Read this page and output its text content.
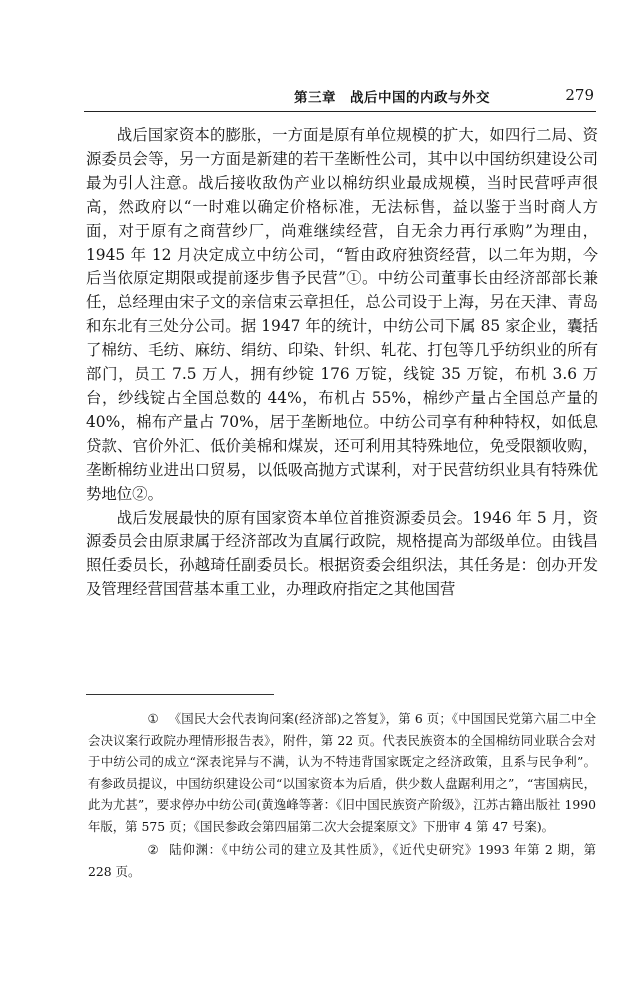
第三章　战后中国的内政与外交	279

战后国家资本的膨胀，一方面是原有单位规模的扩大，如四行二局、资源委员会等，另一方面是新建的若干垄断性公司，其中以中国纺织建设公司最为引人注意。战后接收敌伪产业以棉纺织业最成规模，当时民营呼声很高，然政府以“一时难以确定价格标准，无法标售，益以鉴于当时商人方面，对于原有之商营纱厂，尚难继续经营，自无余力再行承购”为理由，1945 年 12 月决定成立中纺公司，“暂由政府独资经营，以二年为期，今后当依原定期限或提前逐步售予民营”①。中纺公司董事长由经济部部长兼任，总经理由宋子文的亲信束云章担任，总公司设于上海，另在天津、青岛和东北有三处分公司。据 1947 年的统计，中纺公司下属 85 家企业，囊括了棉纺、毛纺、麻纺、绢纺、印染、针织、轧花、打包等几乎纺织业的所有部门，员工 7.5 万人，拥有纱锭 176 万锭，线锭 35 万锭，布机 3.6 万台，纱线锭占全国总数的 44%，布机占 55%，棉纱产量占全国总产量的 40%，棉布产量占 70%，居于垄断地位。中纺公司享有种种特权，如低息贷款、官价外汇、低价美棉和煤炭，还可利用其特殊地位，免受限额收购，垄断棉纺业进出口贸易，以低吸高抛方式谋利，对于民营纺织业具有特殊优势地位②。

战后发展最快的原有国家资本单位首推资源委员会。1946 年 5 月，资源委员会由原隶属于经济部改为直属行政院，规格提高为部级单位。由钱昌照任委员长，孙越琦任副委员长。根据资委会组织法，其任务是：创办开发及管理经营国营基本重工业，办理政府指定之其他国营

① 《国民大会代表询问案(经济部)之答复》，第 6 页；《中国国民党第六届二中全会决议案行政院办理情形报告表》，附件，第 22 页。代表民族资本的全国棉纺同业联合会对于中纺公司的成立“深表诧异与不满，认为不特违背国家既定之经济政策，且系与民争利”。有参政员提议，中国纺织建设公司“以国家资本为后盾，供少数人盘踞利用之”，“害国病民，此为尤甚”，要求停办中纺公司(黄逸峰等著：《旧中国民族资产阶级》，江苏古籍出版社 1990 年版，第 575 页；《国民参政会第四届第二次大会提案原文》下册审 4 第 47 号案)。

② 陆仰渊：《中纺公司的建立及其性质》，《近代史研究》1993 年第 2 期，第 228 页。
